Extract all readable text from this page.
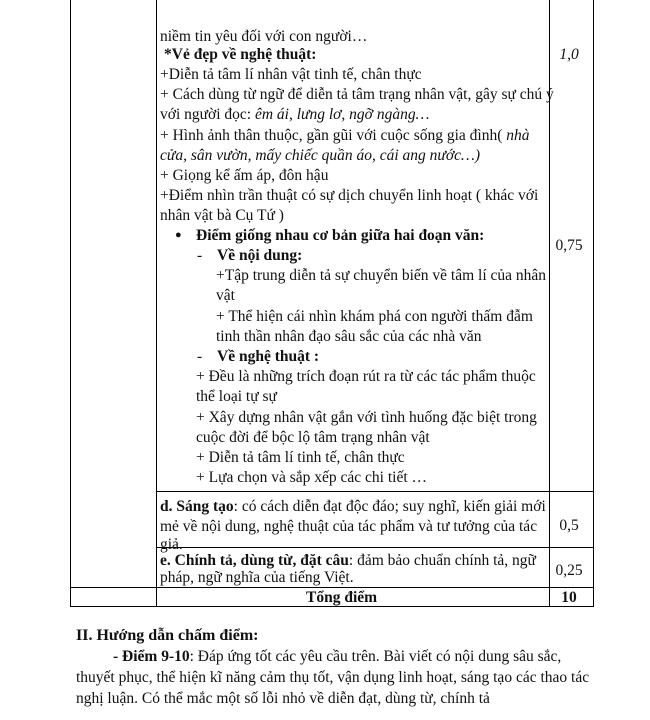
niềm tin yêu đối với con người…
*Vẻ đẹp về nghệ thuật:
+Diễn tả tâm lí nhân vật tinh tế, chân thực
+ Cách dùng từ ngữ để diễn tả tâm trạng nhân vật, gây sự chú ý
với người đọc: êm ái, lưng lơ, ngỡ ngàng…
+ Hình ảnh thân thuộc, gần gũi với cuộc sống gia đình( nhà
cửa, sân vườn, mấy chiếc quần áo, cái ang nước…)
+ Giọng kể ấm áp, đôn hậu
+Điểm nhìn trần thuật có sự dịch chuyển linh hoạt ( khác với
nhân vật bà Cụ Tứ )
● Điểm giống nhau cơ bản giữa hai đoạn văn:
- Về nội dung:
+Tập trung diễn tả sự chuyển biến về tâm lí của nhân
vật
+ Thể hiện cái nhìn khám phá con người thấm đẫm
tinh thần nhân đạo sâu sắc của các nhà văn
- Về nghệ thuật :
+ Đều là những trích đoạn rút ra từ các tác phẩm thuộc
thể loại tự sự
+ Xây dựng nhân vật gắn với tình huống đặc biệt trong
cuộc đời để bộc lộ tâm trạng nhân vật
+ Diễn tả tâm lí tinh tế, chân thực
+ Lựa chọn và sắp xếp các chi tiết …
d. Sáng tạo: có cách diễn đạt độc đáo; suy nghĩ, kiến giải mới
mẻ về nội dung, nghệ thuật của tác phẩm và tư tưởng của tác
giả.
e. Chính tả, dùng từ, đặt câu: đảm bảo chuẩn chính tả, ngữ
pháp, ngữ nghĩa của tiếng Việt.
Tổng điểm
1,0
0,75
0,5
0,25
10
II. Hướng dẫn chấm điểm:
- Điểm 9-10: Đáp ứng tốt các yêu cầu trên. Bài viết có nội dung sâu sắc,
thuyết phục, thể hiện kĩ năng cảm thụ tốt, vận dụng linh hoạt, sáng tạo các thao tác
nghị luận. Có thể mắc một số lỗi nhỏ về diễn đạt, dùng từ, chính tả
